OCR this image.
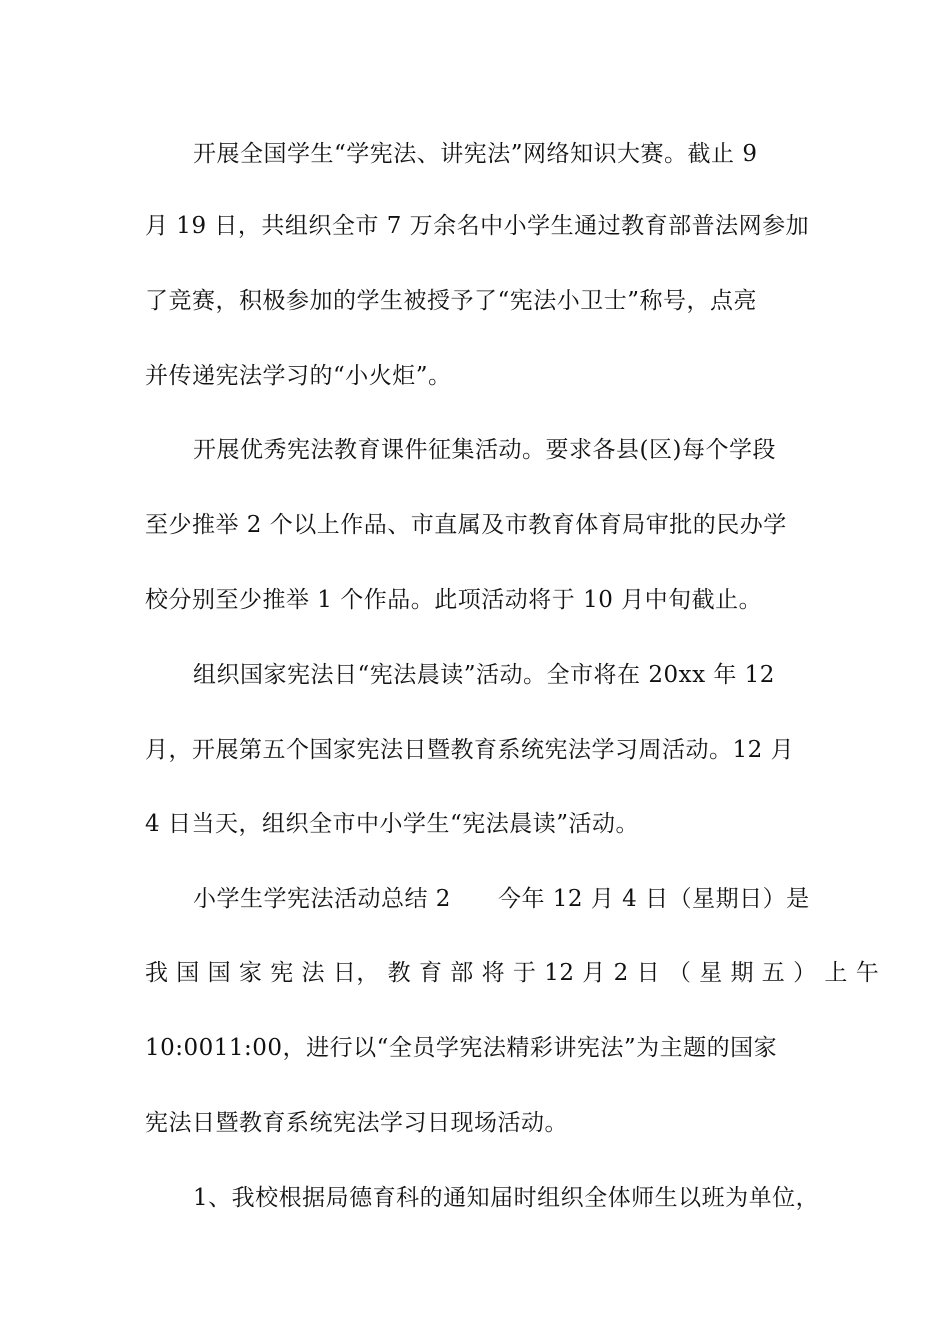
开展全国学生“学宪法、讲宪法”网络知识大赛。截止 9
月 19 日，共组织全市 7 万余名中小学生通过教育部普法网参加
了竞赛，积极参加的学生被授予了“宪法小卫士”称号，点亮
并传递宪法学习的“小火炬”。
开展优秀宪法教育课件征集活动。要求各县(区)每个学段
至少推举 2 个以上作品、市直属及市教育体育局审批的民办学
校分别至少推举 1 个作品。此项活动将于 10 月中旬截止。
组织国家宪法日“宪法晨读”活动。全市将在 20xx 年 12
月，开展第五个国家宪法日暨教育系统宪法学习周活动。12 月
4 日当天，组织全市中小学生“宪法晨读”活动。
小学生学宪法活动总结 2　　今年 12 月 4 日（星期日）是
我 国 国 家 宪 法 日， 教 育 部 将 于 12 月 2 日 （ 星 期 五 ） 上 午
10:0011:00，进行以“全员学宪法精彩讲宪法”为主题的国家
宪法日暨教育系统宪法学习日现场活动。
1、我校根据局德育科的通知届时组织全体师生以班为单位，
